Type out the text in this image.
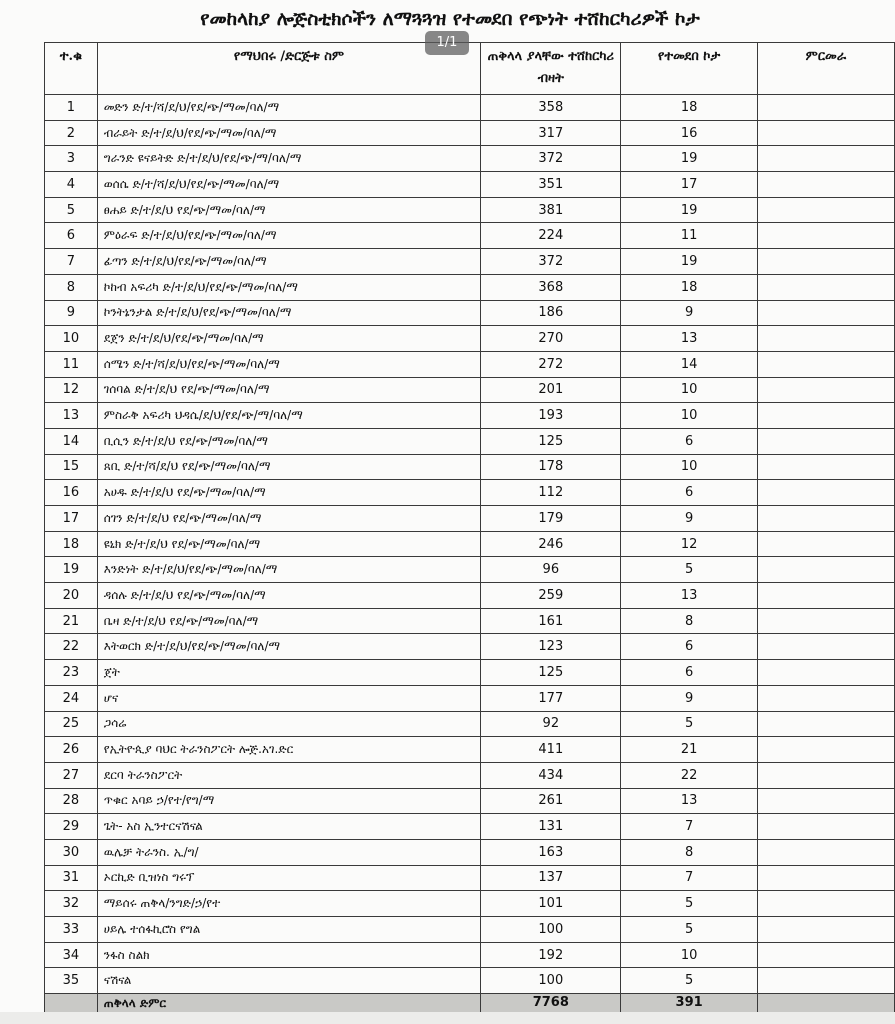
የመከላከያ ሎጅስቲክሶችን ለማጓጓዝ የተመደበ የጭነት ተሸከርካሪዎች ኮታ
ተ.ቁ	የማህበሩ /ድርጅቱ ስም	ጠቅላላ ያላቸው ተሸከርካሪ ብዛት	የተመደበ ኮታ	ምርመራ
1	መድን ድ/ተ/ሻ/ደ/ህ/የደ/ጭ/ማመ/ባለ/ማ	358	18	
2	ብራይት ድ/ተ/ደ/ህ/የደ/ጭ/ማመ/ባለ/ማ	317	16	
3	ግራንድ ዩናይትድ ድ/ተ/ደ/ህ/የደ/ጭ/ማ/ባለ/ማ	372	19	
4	ወሰሴ ድ/ተ/ሻ/ደ/ህ/የደ/ጭ/ማመ/ባለ/ማ	351	17	
5	ፀሐይ ድ/ተ/ደ/ህ የደ/ጭ/ማመ/ባለ/ማ	381	19	
6	ምዕራፍ ድ/ተ/ደ/ህ/የደ/ጭ/ማመ/ባለ/ማ	224	11	
7	ፊጣን ድ/ተ/ደ/ህ/የደ/ጭ/ማመ/ባለ/ማ	372	19	
8	ኮከብ አፍሪካ ድ/ተ/ደ/ህ/የደ/ጭ/ማመ/ባለ/ማ	368	18	
9	ኮንትኔንታል ድ/ተ/ደ/ህ/የደ/ጭ/ማመ/ባለ/ማ	186	9	
10	ደጀን ድ/ተ/ደ/ህ/የደ/ጭ/ማመ/ባለ/ማ	270	13	
11	ሰሜን ድ/ተ/ሻ/ደ/ህ/የደ/ጭ/ማመ/ባለ/ማ	272	14	
12	ገሰባል ድ/ተ/ደ/ህ የደ/ጭ/ማመ/ባለ/ማ	201	10	
13	ምስራቅ አፍሪካ ህዳሴ/ደ/ህ/የደ/ጭ/ማ/ባለ/ማ	193	10	
14	ቢሲን ድ/ተ/ደ/ህ የደ/ጭ/ማመ/ባለ/ማ	125	6	
15	ጸቢ ድ/ተ/ሻ/ደ/ህ የደ/ጭ/ማመ/ባለ/ማ	178	10	
16	አሀዱ ድ/ተ/ደ/ህ የደ/ጭ/ማመ/ባለ/ማ	112	6	
17	ሰገን ድ/ተ/ደ/ህ የደ/ጭ/ማመ/ባለ/ማ	179	9	
18	ዩኒክ ድ/ተ/ደ/ህ የደ/ጭ/ማመ/ባለ/ማ	246	12	
19	እንድነት ድ/ተ/ደ/ህ/የደ/ጭ/ማመ/ባለ/ማ	96	5	
20	ዳሰሉ ድ/ተ/ደ/ህ የደ/ጭ/ማመ/ባለ/ማ	259	13	
21	ቤዛ ድ/ተ/ደ/ህ የደ/ጭ/ማመ/ባለ/ማ	161	8	
22	እትወርክ ድ/ተ/ደ/ህ/የደ/ጭ/ማመ/ባለ/ማ	123	6	
23	ጀት	125	6	
24	ሆና	177	9	
25	ጋሳሬ	92	5	
26	የኢትዮጲያ ባህር ትራንስፖርት ሎጅ.አገ.ድር	411	21	
27	ደርባ ትራንስፖርት	434	22	
28	ጥቁር አባይ ኃ/የተ/የግ/ማ	261	13	
29	ጌት- አስ ኢንተርናሽናል	131	7	
30	ዉሌቻ ትራንስ. ኢ/ግ/	163	8	
31	ኦርኪድ ቢዝነስ ግሩፕ	137	7	
32	ማይሰሩ ጠቅላ/ንግድ/ኃ/የተ	101	5	
33	ሀይሌ ተሰፋኪሮስ የግል	100	5	
34	ንፋስ ስልክ	192	10	
35	ናሽናል	100	5	
	ጠቅላላ ድምር	7768	391	
1/1
